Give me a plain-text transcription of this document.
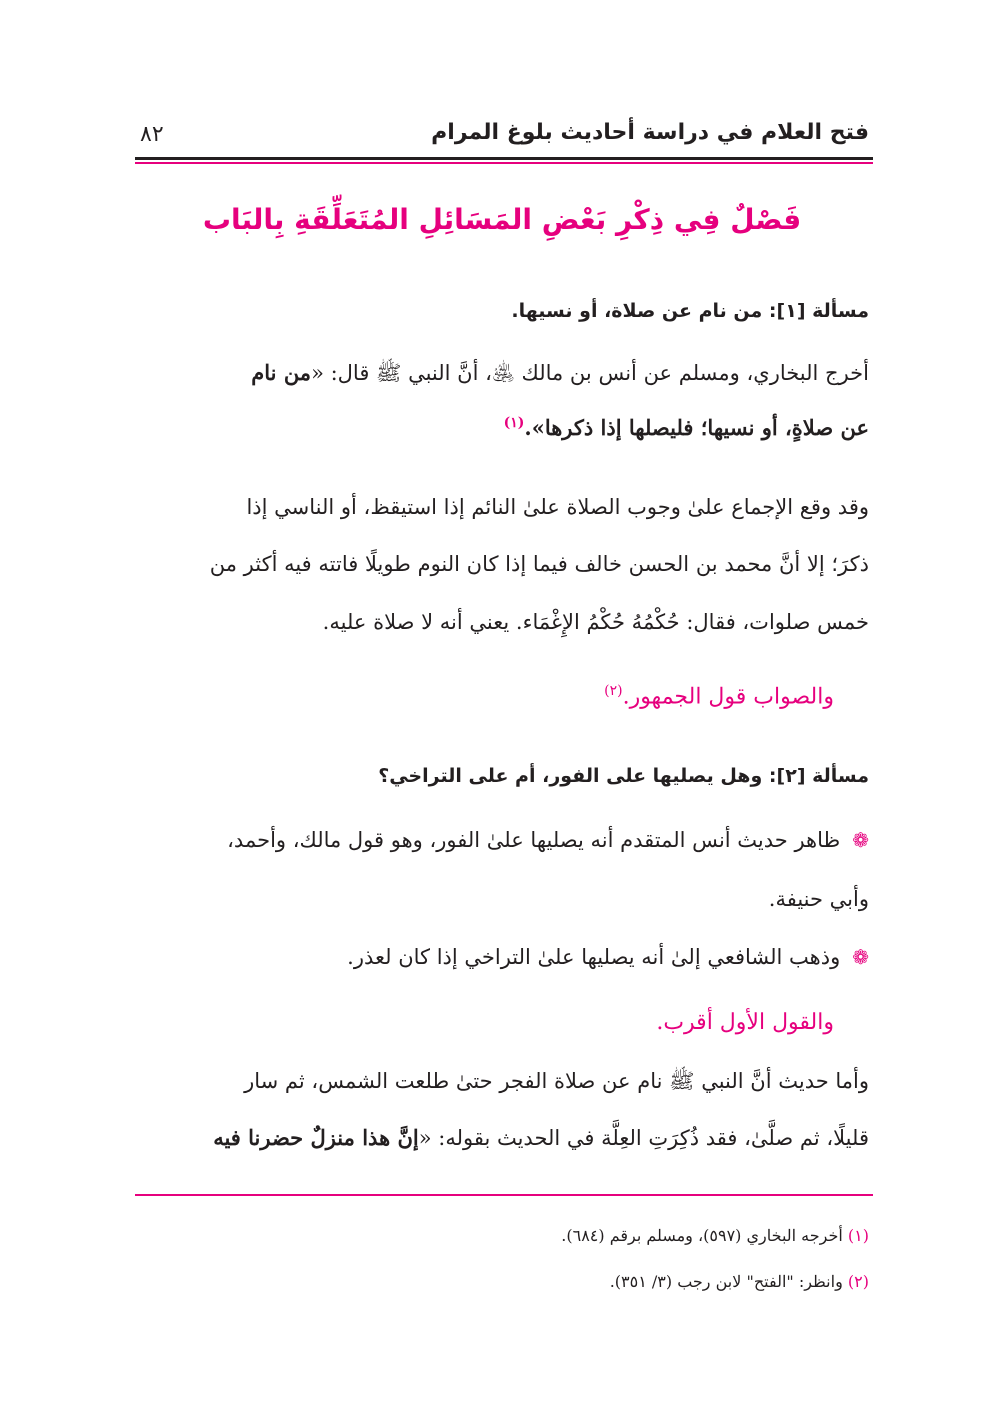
فتح العلام في دراسة أحاديث بلوغ المرام
٨٢
فَصْلٌ فِي ذِكْرِ بَعْضِ المَسَائِلِ المُتَعَلِّقَةِ بِالبَاب
مسألة [١]: من نام عن صلاة، أو نسيها.
أخرج البخاري، ومسلم عن أنس بن مالك ﵁، أنَّ النبي ﷺ قال: «من نام
عن صلاةٍ، أو نسيها؛ فليصلها إذا ذكرها».$^{(١)}$
وقد وقع الإجماع علىٰ وجوب الصلاة علىٰ النائم إذا استيقظ، أو الناسي إذا
ذكرَ؛ إلا أنَّ محمد بن الحسن خالف فيما إذا كان النوم طويلًا فاتته فيه أكثر من
خمس صلوات، فقال: حُكْمُهُ حُكْمُ الإِغْمَاء. يعني أنه لا صلاة عليه.
والصواب قول الجمهور.$^{(٢)}$
مسألة [٢]: وهل يصليها على الفور، أم على التراخي؟
❁ظاهر حديث أنس المتقدم أنه يصليها علىٰ الفور، وهو قول مالك، وأحمد،
وأبي حنيفة.
❁وذهب الشافعي إلىٰ أنه يصليها علىٰ التراخي إذا كان لعذر.
والقول الأول أقرب.
وأما حديث أنَّ النبي ﷺ نام عن صلاة الفجر حتىٰ طلعت الشمس، ثم سار
قليلًا، ثم صلَّىٰ، فقد ذُكِرَتِ العِلَّة في الحديث بقوله: «إنَّ هذا منزلٌ حضرنا فيه
(١) أخرجه البخاري (٥٩٧)، ومسلم برقم (٦٨٤).
(٢) وانظر: "الفتح" لابن رجب (٣/ ٣٥١).
